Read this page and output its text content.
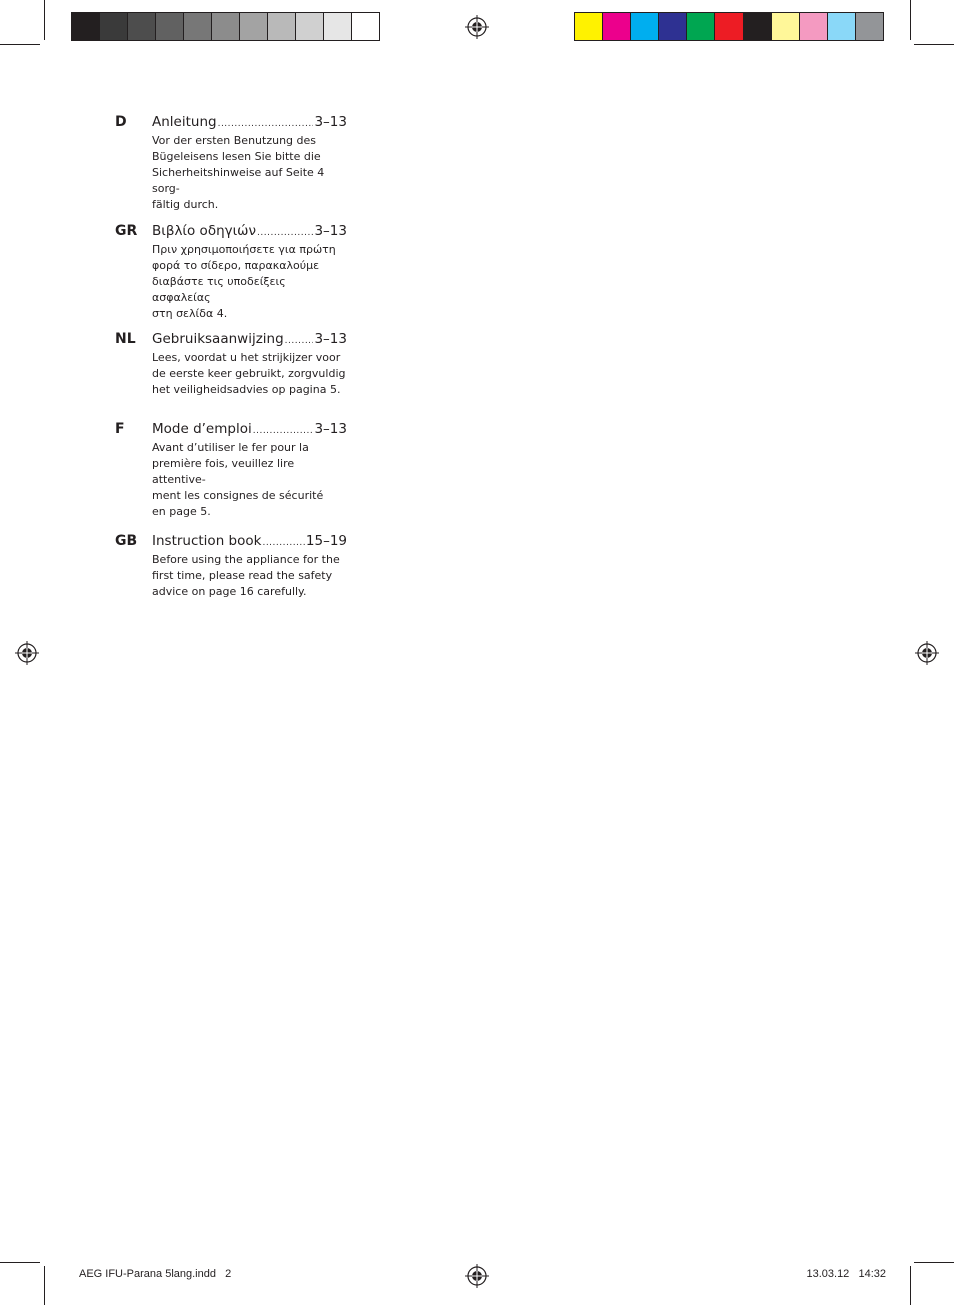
D Anleitung .....	3–13
Vor der ersten Benutzung des
Bügeleisens lesen Sie bitte die
Sicherheitshinweise auf Seite 4 sorg-
fältig durch.
GR Βιβλίο οδηγιών .....	3–13
Πριν χρησιμοποιήσετε για πρώτη
φορά το σίδερο, παρακαλούμε
διαβάστε τις υποδείξεις ασφαλείας
στη σελίδα 4.
NL Gebruiksaanwijzing ..... 3–13
Lees, voordat u het strijkijzer voor
de eerste keer gebruikt, zorgvuldig
het veiligheidsadvies op pagina 5.
F Mode d’emploi .....	3–13
Avant d’utiliser le fer pour la
première fois, veuillez lire attentive-
ment les consignes de sécurité
en page 5.
GB Instruction book .....	15–19
Before using the appliance for the
first time, please read the safety
advice on page 16 carefully.
AEG IFU-Parana 5lang.indd   2	13.03.12   14:32
